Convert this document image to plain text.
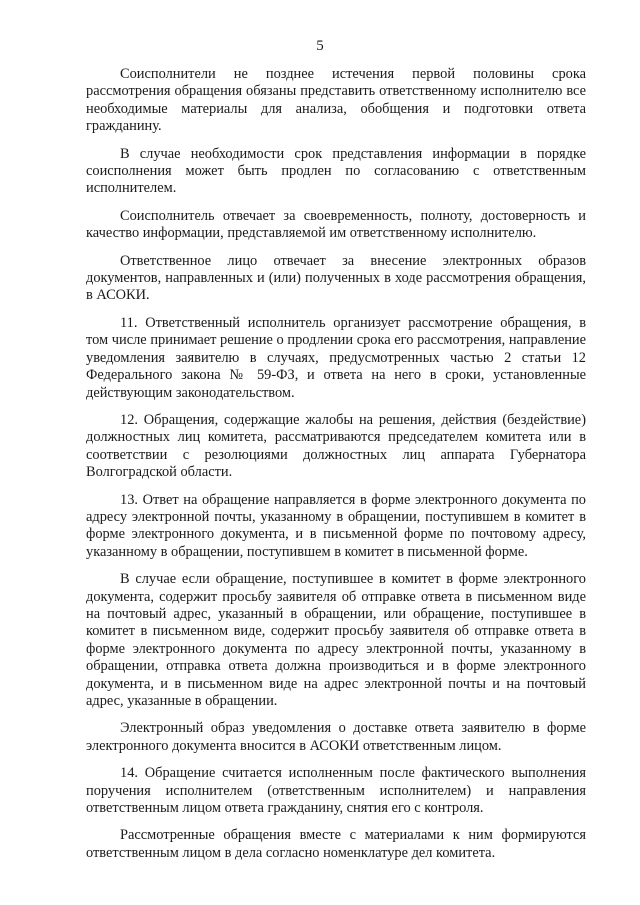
5

Соисполнители не позднее истечения первой половины срока рассмотрения обращения обязаны представить ответственному исполнителю все необходимые материалы для анализа, обобщения и подготовки ответа гражданину.

В случае необходимости срок представления информации в порядке соисполнения может быть продлен по согласованию с ответственным исполнителем.

Соисполнитель отвечает за своевременность, полноту, достоверность и качество информации, представляемой им ответственному исполнителю.

Ответственное лицо отвечает за внесение электронных образов документов, направленных и (или) полученных в ходе рассмотрения обращения, в АСОКИ.

11. Ответственный исполнитель организует рассмотрение обращения, в том числе принимает решение о продлении срока его рассмотрения, направление уведомления заявителю в случаях, предусмотренных частью 2 статьи 12 Федерального закона № 59-ФЗ, и ответа на него в сроки, установленные действующим законодательством.

12. Обращения, содержащие жалобы на решения, действия (бездействие) должностных лиц комитета, рассматриваются председателем комитета или в соответствии с резолюциями должностных лиц аппарата Губернатора Волгоградской области.

13. Ответ на обращение направляется в форме электронного документа по адресу электронной почты, указанному в обращении, поступившем в комитет в форме электронного документа, и в письменной форме по почтовому адресу, указанному в обращении, поступившем в комитет в письменной форме.

В случае если обращение, поступившее в комитет в форме электронного документа, содержит просьбу заявителя об отправке ответа в письменном виде на почтовый адрес, указанный в обращении, или обращение, поступившее в комитет в письменном виде, содержит просьбу заявителя об отправке ответа в форме электронного документа по адресу электронной почты, указанному в обращении, отправка ответа должна производиться и в форме электронного документа, и в письменном виде на адрес электронной почты и на почтовый адрес, указанные в обращении.

Электронный образ уведомления о доставке ответа заявителю в форме электронного документа вносится в АСОКИ ответственным лицом.

14. Обращение считается исполненным после фактического выполнения поручения исполнителем (ответственным исполнителем) и направления ответственным лицом ответа гражданину, снятия его с контроля.

Рассмотренные обращения вместе с материалами к ним формируются ответственным лицом в дела согласно номенклатуре дел комитета.
